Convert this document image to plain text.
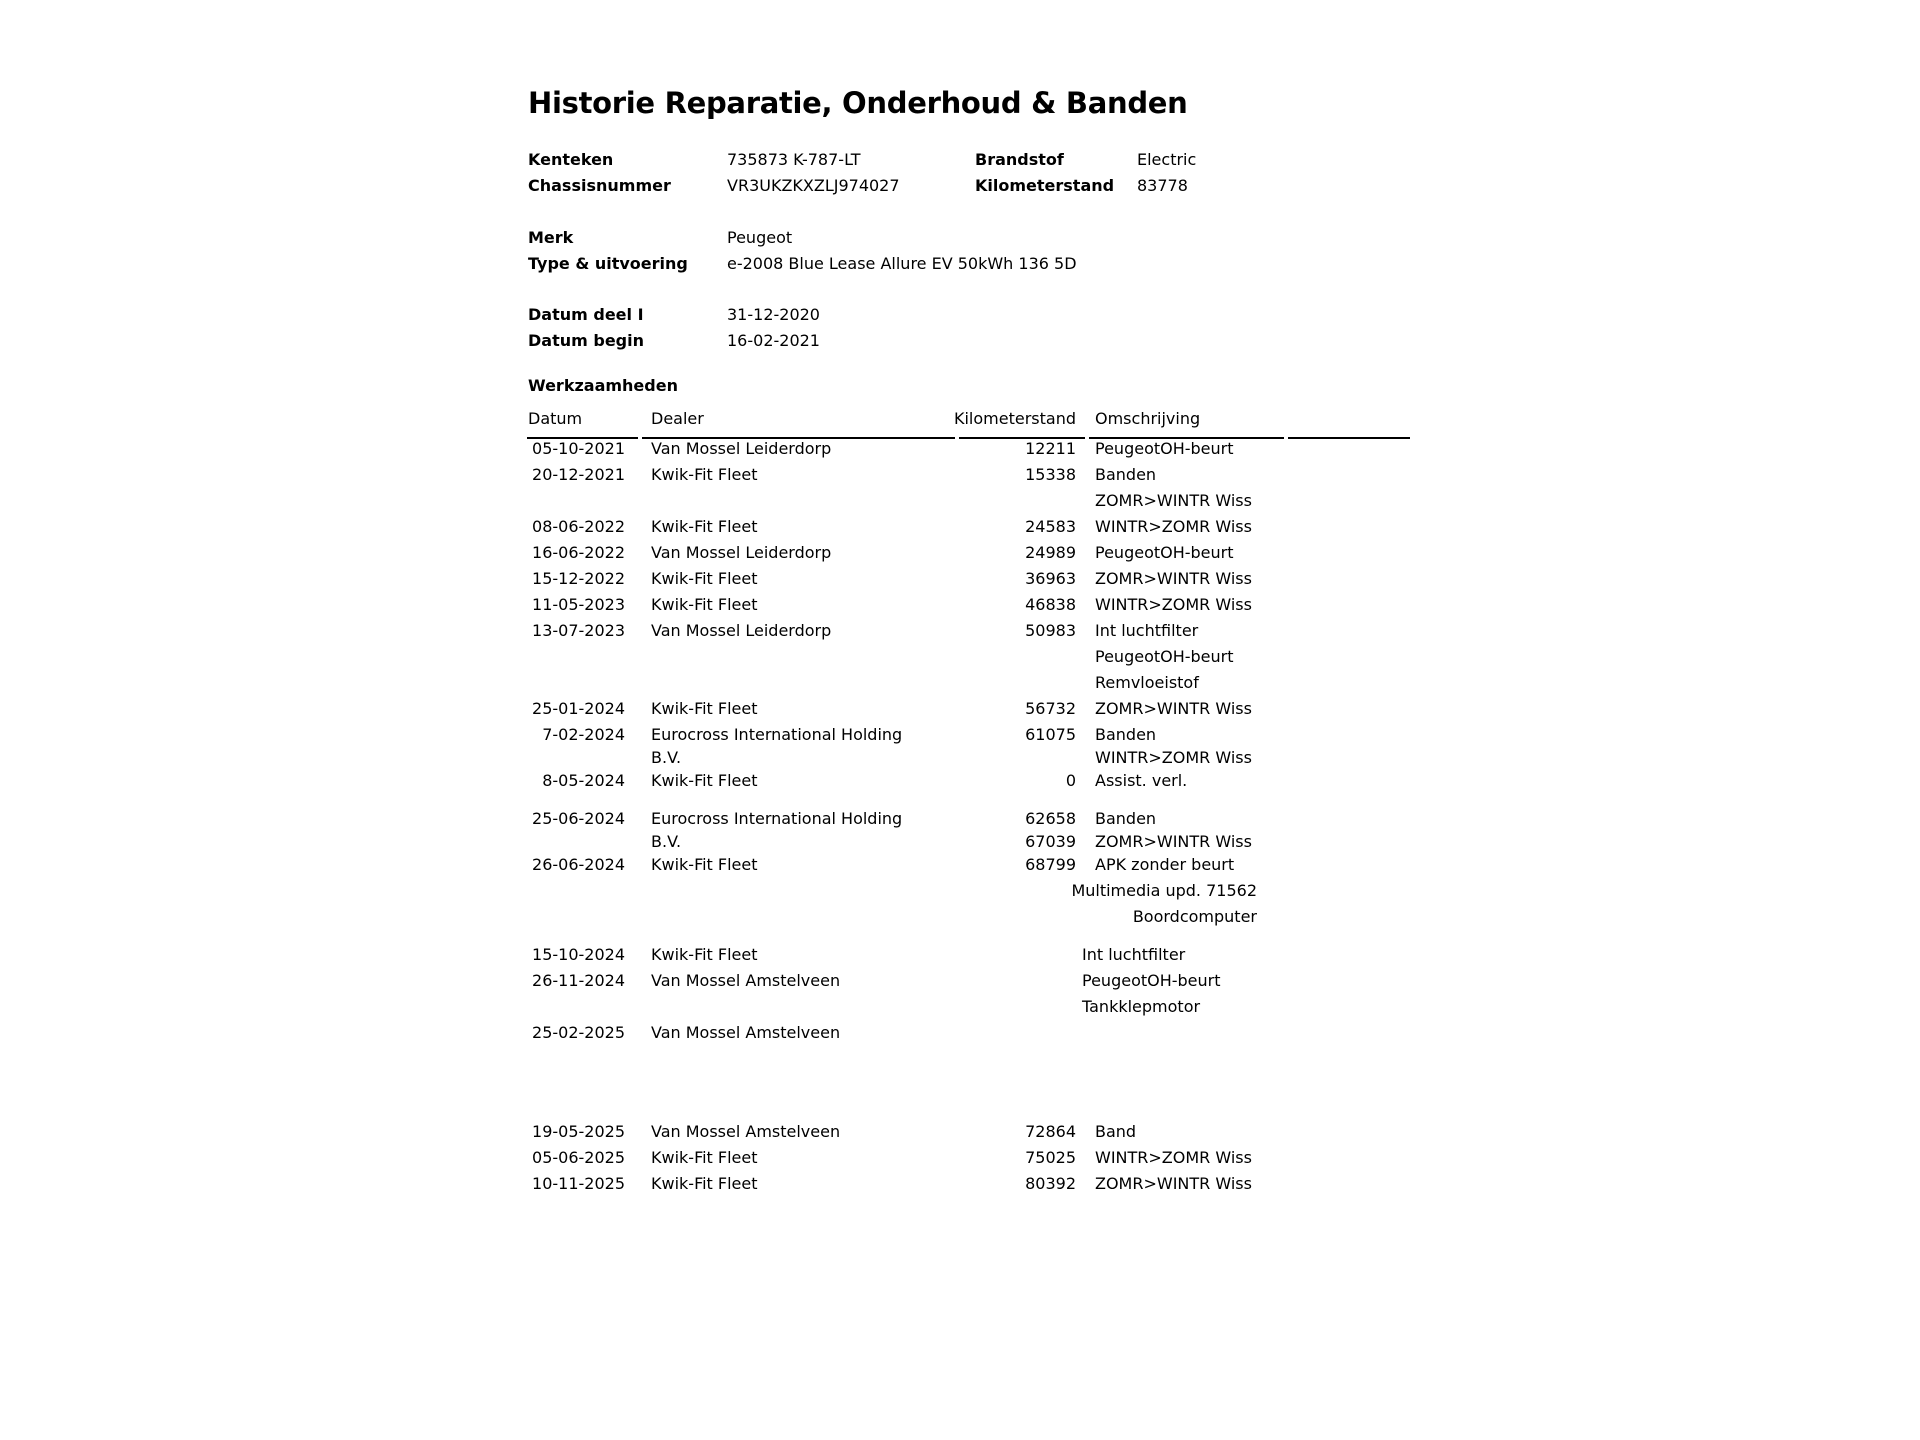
Historie Reparatie, Onderhoud & Banden
Kenteken	735873 K-787-LT	Brandstof	Electric
Chassisnummer	VR3UKZKXZLJ974027	Kilometerstand 83778
Merk	Peugeot
Type & uitvoering e-2008 Blue Lease Allure EV 50kWh 136 5D
Datum deel I	31-12-2020
Datum begin	16-02-2021
Werkzaamheden
Datum	Dealer	Kilometerstand Omschrijving
05-10-2021 Van Mossel Leiderdorp	12211 PeugeotOH-beurt
20-12-2021 Kwik-Fit Fleet	15338 Banden
ZOMR>WINTR Wiss
08-06-2022 Kwik-Fit Fleet	24583 WINTR>ZOMR Wiss
16-06-2022 Van Mossel Leiderdorp	24989 PeugeotOH-beurt
15-12-2022 Kwik-Fit Fleet	36963 ZOMR>WINTR Wiss
11-05-2023 Kwik-Fit Fleet	46838 WINTR>ZOMR Wiss
13-07-2023 Van Mossel Leiderdorp	50983 Int luchtfilter
PeugeotOH-beurt
Remvloeistof
25-01-2024 Kwik-Fit Fleet	56732 ZOMR>WINTR Wiss
7-02-2024 Eurocross International Holding	61075 Banden
B.V.	WINTR>ZOMR Wiss
8-05-2024 Kwik-Fit Fleet	0 Assist. verl.
25-06-2024 Eurocross International Holding	62658 Banden
B.V.	67039 ZOMR>WINTR Wiss
26-06-2024 Kwik-Fit Fleet	68799 APK zonder beurt
Multimedia upd. 71562
Boordcomputer
15-10-2024 Kwik-Fit Fleet	Int luchtfilter
26-11-2024 Van Mossel Amstelveen	PeugeotOH-beurt
Tankklepmotor
25-02-2025 Van Mossel Amstelveen
19-05-2025 Van Mossel Amstelveen	72864 Band
05-06-2025 Kwik-Fit Fleet	75025 WINTR>ZOMR Wiss
10-11-2025 Kwik-Fit Fleet	80392 ZOMR>WINTR Wiss
